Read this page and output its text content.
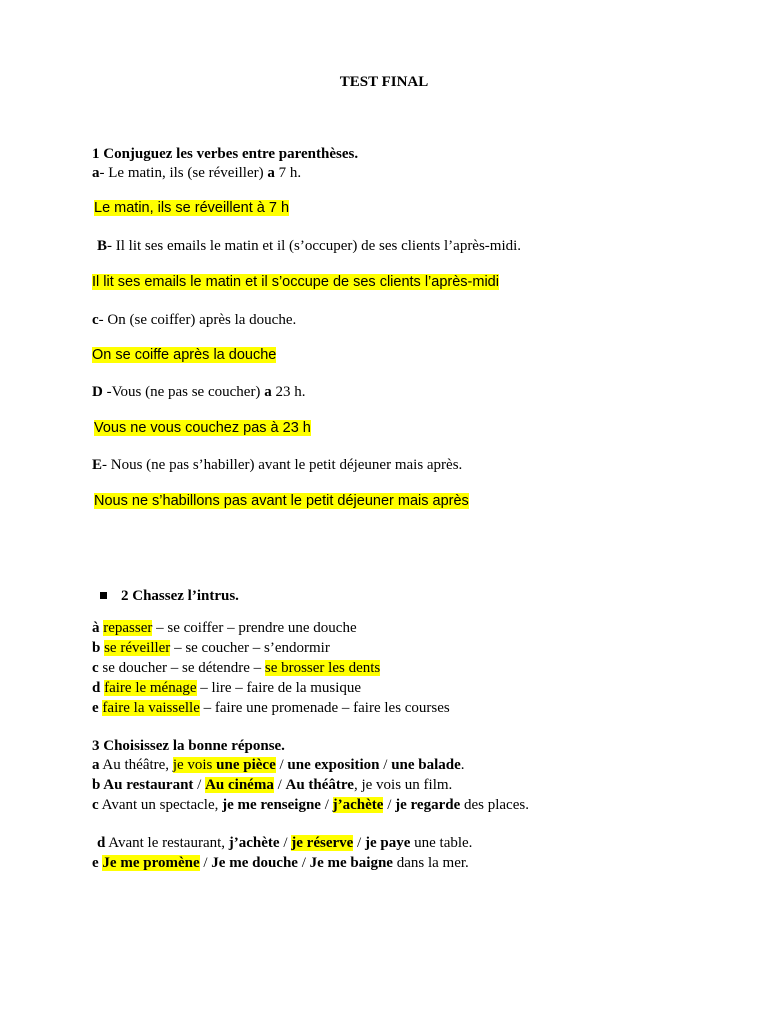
TEST FINAL
1 Conjuguez les verbes entre parenthèses.
a- Le matin, ils (se réveiller) a 7 h.
Le matin, ils se réveillent à 7 h
B- Il lit ses emails le matin et il (s’occuper) de ses clients l’après-midi.
Il lit ses emails le matin et il s’occupe de ses clients l’après-midi
c- On (se coiffer) après la douche.
On se coiffe après la douche
D -Vous (ne pas se coucher) a 23 h.
Vous ne vous couchez pas à 23 h
E- Nous (ne pas s’habiller) avant le petit déjeuner mais après.
Nous ne s’habillons pas avant le petit déjeuner mais après
2 Chassez l’intrus.
à repasser – se coiffer – prendre une douche
b se réveiller – se coucher – s’endormir
c se doucher – se détendre – se brosser les dents
d faire le ménage – lire – faire de la musique
e faire la vaisselle – faire une promenade – faire les courses
3 Choisissez la bonne réponse.
a Au théâtre, je vois une pièce / une exposition / une balade.
b Au restaurant / Au cinéma / Au théâtre, je vois un film.
c Avant un spectacle, je me renseigne / j’achète / je regarde des places.
d Avant le restaurant, j’achète / je réserve / je paye une table.
e Je me promène / Je me douche / Je me baigne dans la mer.
